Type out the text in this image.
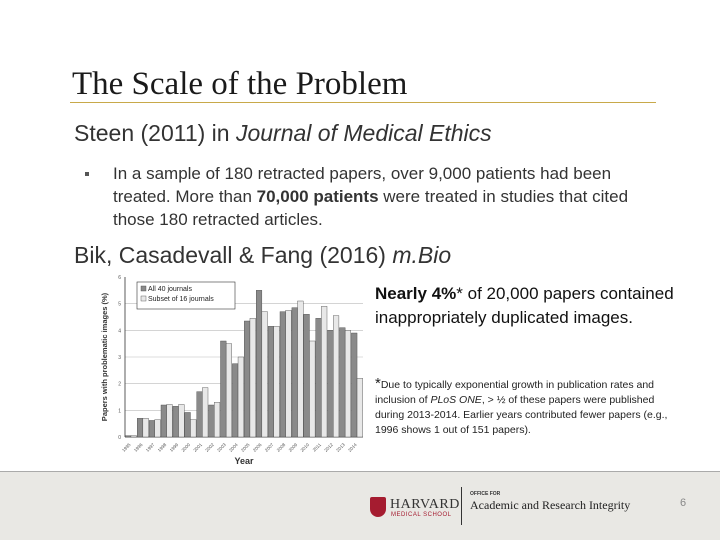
The Scale of the Problem
Steen (2011) in Journal of Medical Ethics
In a sample of 180 retracted papers, over 9,000 patients had been treated. More than 70,000 patients were treated in studies that cited those 180 retracted articles.
Bik, Casadevall & Fang (2016) m.Bio
0
1
2
3
4
5
6
1995 1996 1997 1998 1999 2000 2001 2002 2003 2004 2005 2006 2007 2008 2009 2010 2011 2012 2013 2014
Year
Papers with problematic images (%)
All 40 journals
Subset of 16 journals	Nearly 4%* of 20,000 papers contained inappropriately duplicated images.
*Due to typically exponential growth in publication rates and inclusion of PLoS ONE, > ½ of these papers were published during 2013-2014. Earlier years contributed fewer papers (e.g., 1996 shows 1 out of 151 papers).
HARVARD
MEDICAL SCHOOL
OFFICE FOR
Academic and Research Integrity	6
